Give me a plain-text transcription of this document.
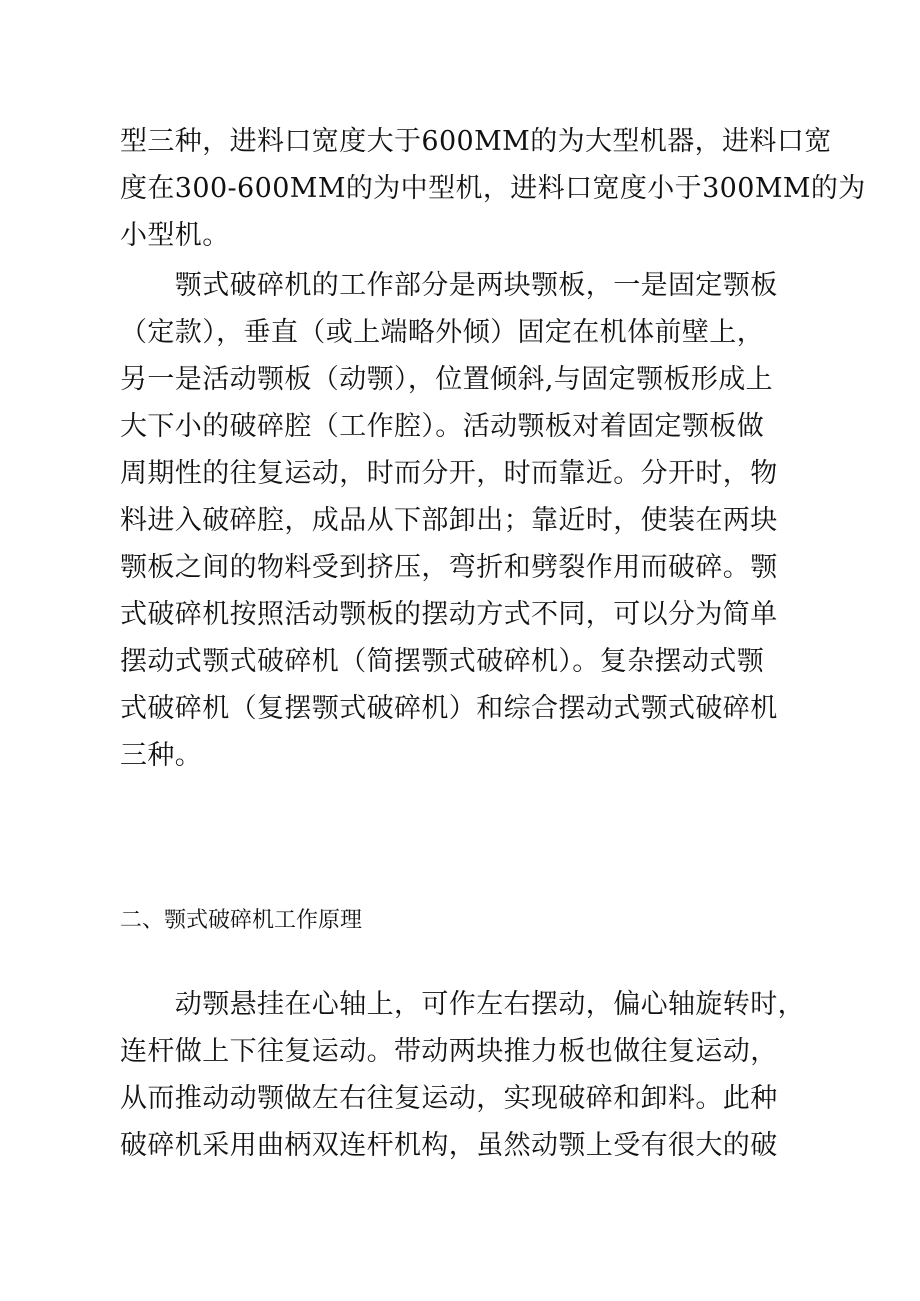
型三种，进料口宽度大于600MM的为大型机器，进料口宽
度在300-600MM的为中型机，进料口宽度小于300MM的为
小型机。
　　颚式破碎机的工作部分是两块颚板，一是固定颚板
（定款），垂直（或上端略外倾）固定在机体前壁上，
另一是活动颚板（动颚），位置倾斜,与固定颚板形成上
大下小的破碎腔（工作腔）。活动颚板对着固定颚板做
周期性的往复运动，时而分开，时而靠近。分开时，物
料进入破碎腔，成品从下部卸出；靠近时，使装在两块
颚板之间的物料受到挤压，弯折和劈裂作用而破碎。颚
式破碎机按照活动颚板的摆动方式不同，可以分为简单
摆动式颚式破碎机（简摆颚式破碎机）。复杂摆动式颚
式破碎机（复摆颚式破碎机）和综合摆动式颚式破碎机
三种。
二、颚式破碎机工作原理
　　动颚悬挂在心轴上，可作左右摆动，偏心轴旋转时，
连杆做上下往复运动。带动两块推力板也做往复运动，
从而推动动颚做左右往复运动，实现破碎和卸料。此种
破碎机采用曲柄双连杆机构，虽然动颚上受有很大的破
